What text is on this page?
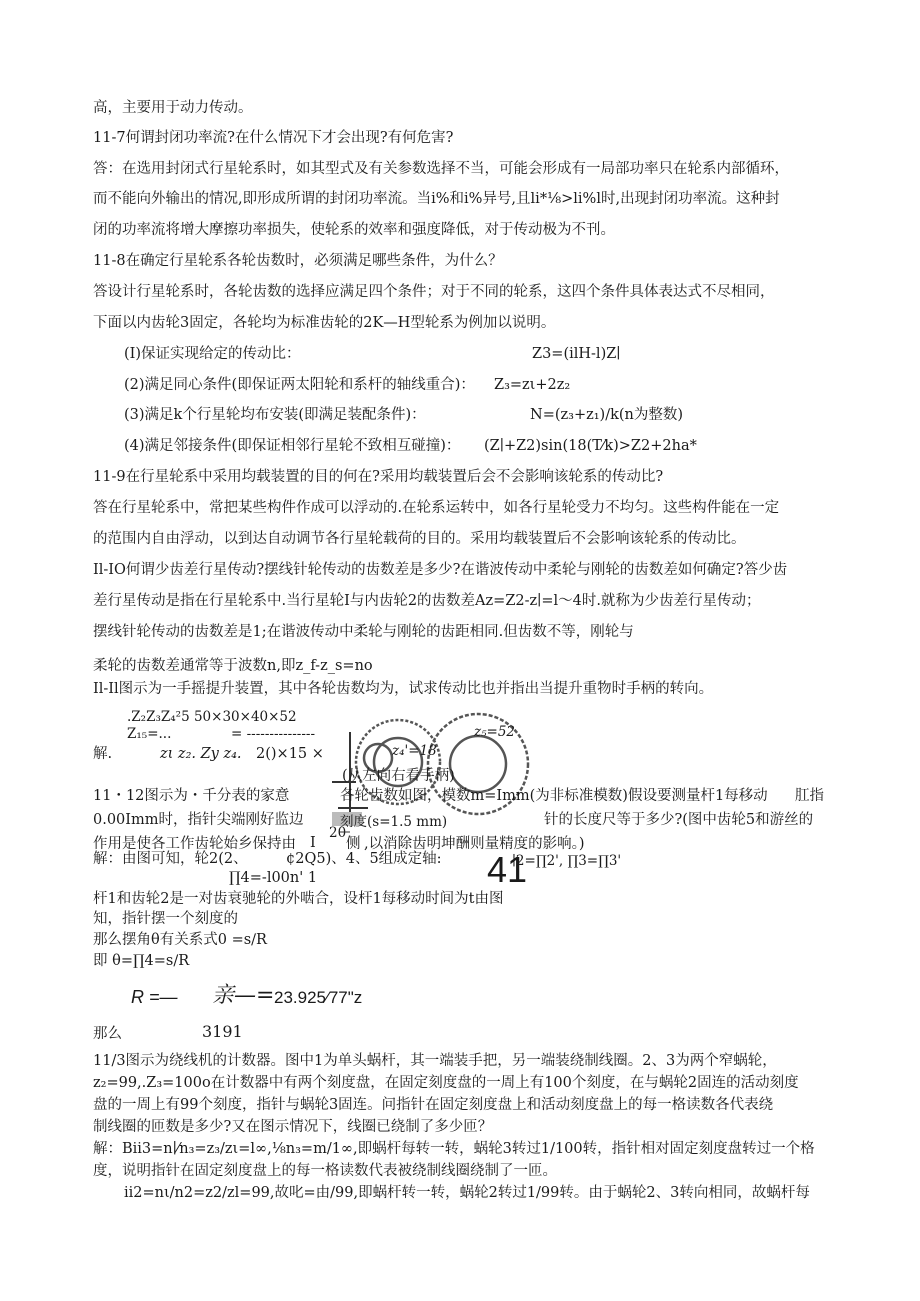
高，主要用于动力传动。
11-7何谓封闭功率流?在什么情况下才会出现?有何危害?
答：在选用封闭式行星轮系时，如其型式及有关参数选择不当，可能会形成有一局部功率只在轮系内部循环，
而不能向外输出的情况,即形成所谓的封闭功率流。当i%和i%异号,且li*⅛>li%l时,出现封闭功率流。这种封
闭的功率流将增大摩擦功率损失，使轮系的效率和强度降低，对于传动极为不刊。
11-8在确定行星轮系各轮齿数时，必须满足哪些条件，为什么？
答设计行星轮系时，各轮齿数的选择应满足四个条件；对于不同的轮系，这四个条件具体表达式不尽相同，
下面以内齿轮3固定，各轮均为标准齿轮的2K—H型轮系为例加以说明。
(I)保证实现给定的传动比：	Z3=(ilH-l)Z∣
(2)满足同心条件(即保证两太阳轮和系杆的轴线重合)： Z₃=zι+2z₂
(3)满足k个行星轮均布安装(即满足装配条件)：	N=(z₃+z₁)∕k(n为整数)
(4)满足邻接条件(即保证相邻行星轮不致相互碰撞)： (Z∣+Z2)sin(18(T⁄k)>Z2+2ha*
11-9在行星轮系中采用均载装置的目的何在?采用均载装置后会不会影响该轮系的传动比?
答在行星轮系中，常把某些构件作成可以浮动的.在轮系运转中，如各行星轮受力不均匀。这些构件能在一定
的范围内自由浮动，以到达自动调节各行星轮载荷的目的。采用均载装置后不会影响该轮系的传动比。
Il-IO何谓少齿差行星传动?摆线针轮传动的齿数差是多少?在谐波传动中柔轮与刚轮的齿数差如何确定?答少齿
差行星传动是指在行星轮系中.当行星轮I与内齿轮2的齿数差Az=Z2-z∣=l～4时.就称为少齿差行星传动；
摆线针轮传动的齿数差是1;在谐波传动中柔轮与刚轮的齿距相同.但齿数不等，刚轮与
柔轮的齿数差通常等于波数n,即z_f-z_s=no
Il-Il图示为一手摇提升装置，其中各轮齿数均为，试求传动比也并指出当提升重物时手柄的转向。
.Z₂Z₃Z₄²5 50×30×40×52
Z₁₅=...	= ---------------
解.	zι z₂. Zy z₄. 2()×15 ×	z₄'=18
z₅=52
(从左向右看手柄)
11・12图示为・千分表的家意	各轮齿数如图，模数m=Imm(为非标准模数)假设要测量杆1每移动 肛指
0.00Imm时，指针尖端刚好监边	刻度(s=1.5 mm)	针的长度尺等于多少?(图中齿轮5和游丝的
作用是使各工作齿轮始乡保持由
20
I 侧 ,以消除齿明坤酬则量精度的影响。)
解：由图可知，轮2(2、	¢2Q5)、4、5组成定轴:	∣2=∏2', ∏3=∏3'
∏4=-l00n' 1	41
杆1和齿轮2是一对齿衰驰轮的外啮合，设杆1每移动时间为t由图
知，指针摆一个刻度的
那么摆角θ有关系式0 =s∕R
即 θ=∏4=s∕R
R =— 亲—= 23.925⁄77"z
那么	3191
11/3图示为绕线机的计数器。图中1为单头蜗杆，其一端装手把，另一端装绕制线圈。2、3为两个窄蜗轮，
z₂=99,.Z₃=100o在计数器中有两个刻度盘，在固定刻度盘的一周上有100个刻度，在与蜗轮2固连的活动刻度
盘的一周上有99个刻度，指针与蜗轮3固连。问指针在固定刻度盘上和活动刻度盘上的每一格读数各代表绕
制线圈的匝数是多少?又在图示情况下，线圈已绕制了多少匝？
解：Bii3=n∣⁄n₃=z₃/zι=l∞,⅛n₃=m/1∞,即蜗杆每转一转，蜗轮3转过1/100转，指针相对固定刻度盘转过一个格
度，说明指针在固定刻度盘上的每一格读数代表被绕制线圈绕制了一匝。
ii2=nι/n2=z2/zl=99,故叱=由/99,即蜗杆转一转，蜗轮2转过1/99转。由于蜗轮2、3转向相同，故蜗杆每
